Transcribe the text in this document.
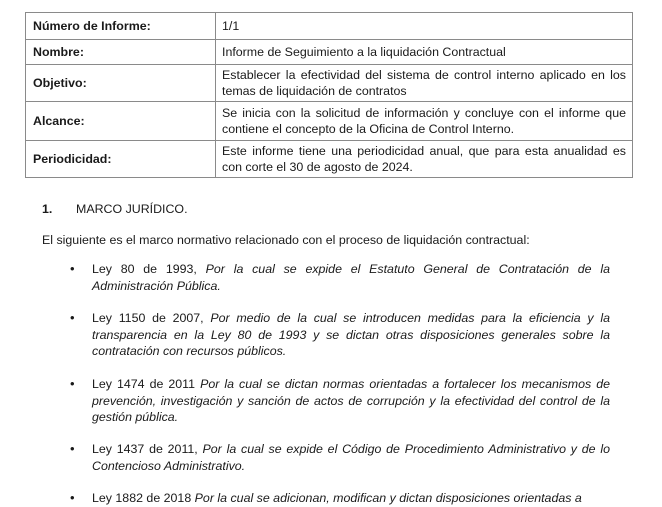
Número de Informe:	1/1
Nombre:	Informe de Seguimiento a la liquidación Contractual
Objetivo:	Establecer la efectividad del sistema de control interno aplicado en los temas de liquidación de contratos
Alcance:	Se inicia con la solicitud de información y concluye con el informe que contiene el concepto de la Oficina de Control Interno.
Periodicidad:	Este informe tiene una periodicidad anual, que para esta anualidad es con corte el 30 de agosto de 2024.
1. MARCO JURÍDICO.
El siguiente es el marco normativo relacionado con el proceso de liquidación contractual:
• Ley 80 de 1993, Por la cual se expide el Estatuto General de Contratación de la Administración Pública.
• Ley 1150 de 2007, Por medio de la cual se introducen medidas para la eficiencia y la transparencia en la Ley 80 de 1993 y se dictan otras disposiciones generales sobre la contratación con recursos públicos.
• Ley 1474 de 2011 Por la cual se dictan normas orientadas a fortalecer los mecanismos de prevención, investigación y sanción de actos de corrupción y la efectividad del control de la gestión pública.
• Ley 1437 de 2011, Por la cual se expide el Código de Procedimiento Administrativo y de lo Contencioso Administrativo.
• Ley 1882 de 2018 Por la cual se adicionan, modifican y dictan disposiciones orientadas a
